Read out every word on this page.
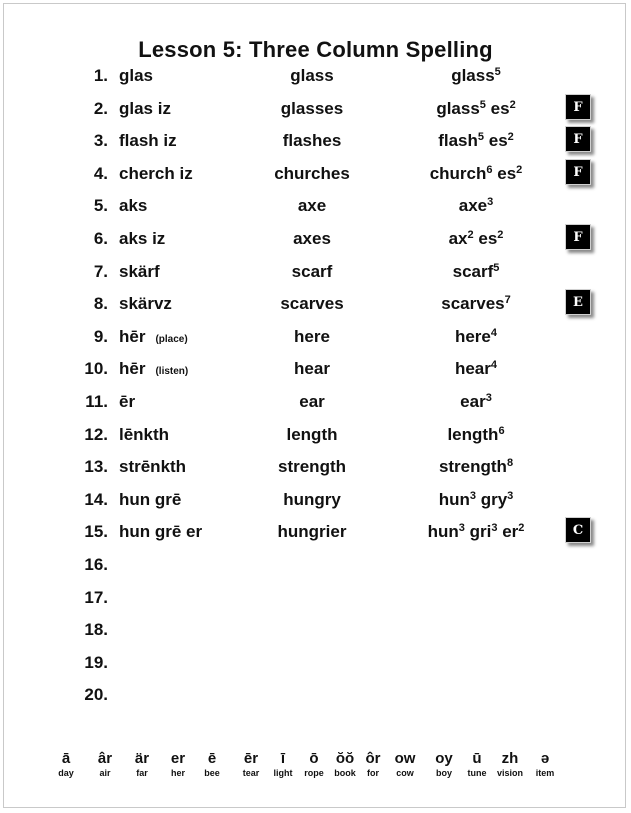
Lesson 5: Three Column Spelling
1. glas	glass	glass$^5$
2. glas iz	glasses	glass$^5$ $es^2$	F
3. flash iz	flashes	flash$^5$ $es^2$	F
4. cherch iz	churches	church$^6$ $es^2$	F
5. aks	axe	axe$^3$
6. aks iz	axes	$ax^2$ $es^2$	F
7. skärf	scarf	scarf$^5$
8. skärvz	scarves	scarves$^7$	E
9. hēr (place)	here	here$^4$
10. hēr (listen)	hear	hear$^4$
11. ēr	ear	ear$^3$
12. lēnkth	length	length$^6$
13. strēnkth	strength	strength$^8$
14. hun grē	hungry	hun$^3$ gry$^3$
15. hun grē er	hungrier	hun$^3$ gri$^3$ $er^2$	C
16.
17.
18.
19.
20.
ā
day
âr
air
är
far
er
her
ē
bee
ēr
tear
ī
light
ō
rope
ŏŏ
book
ôr
for
ow
cow
oy
boy
ū
tune
zh
vision
ə
item
